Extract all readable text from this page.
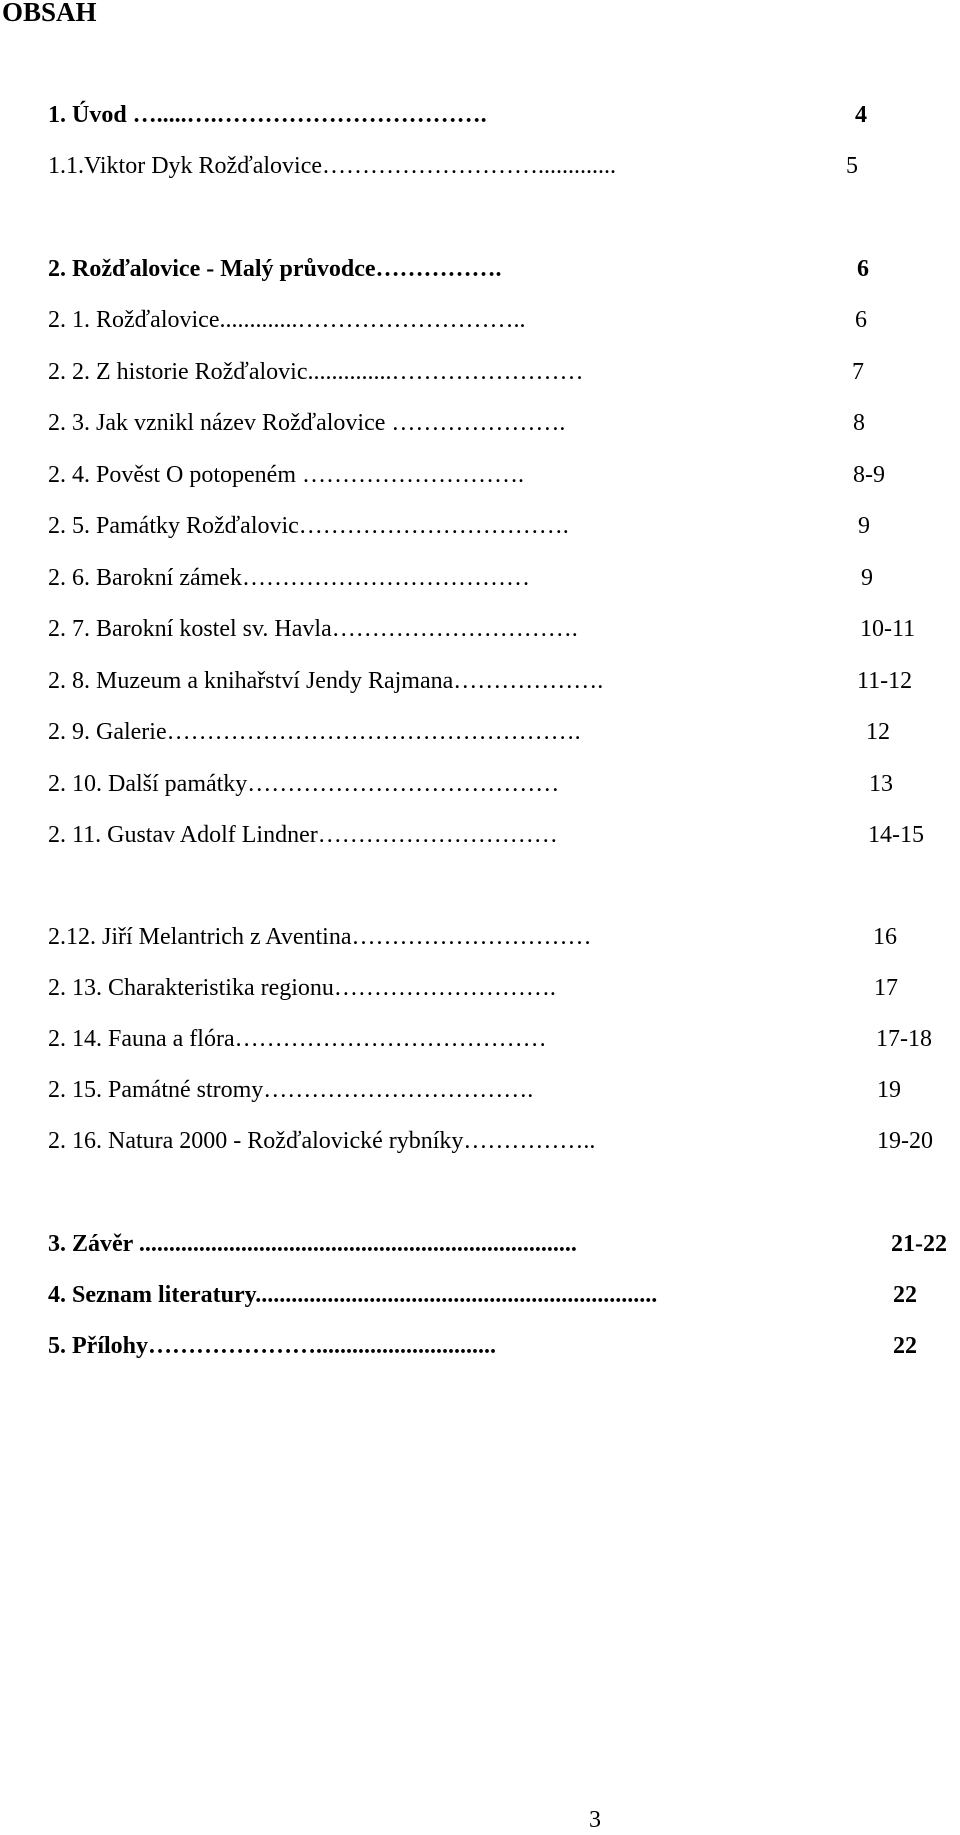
OBSAH
1. Úvod ….....….…………………………….	4
1.1.Viktor Dyk Rožďalovice……………………….............	5
2. Rožďalovice - Malý průvodce…………….	6
2. 1. Rožďalovice.............………………………..	6
2. 2. Z historie Rožďalovic..............……………………	7
2. 3. Jak vznikl název Rožďalovice ………………….	8
2. 4. Pověst O potopeném ……………………….	8-9
2. 5. Památky Rožďalovic…………………………….	9
2. 6. Barokní zámek………………………………	9
2. 7. Barokní kostel sv. Havla………………………….	10-11
2. 8. Muzeum a knihařství Jendy Rajmana……………….	11-12
2. 9. Galerie…………………………………………….	12
2. 10. Další památky…………………………………	13
2. 11. Gustav Adolf Lindner…………………………	14-15
2.12. Jiří Melantrich z Aventina…………………………	16
2. 13. Charakteristika regionu……………………….	17
2. 14. Fauna a flóra…………………………………	17-18
2. 15. Památné stromy…………………………….	19
2. 16. Natura 2000 - Rožďalovické rybníky……………..	19-20
3. Závěr .........................................................................	21-22
4. Seznam literatury...................................................................	22
5. Přílohy…………………..............................	22
3
